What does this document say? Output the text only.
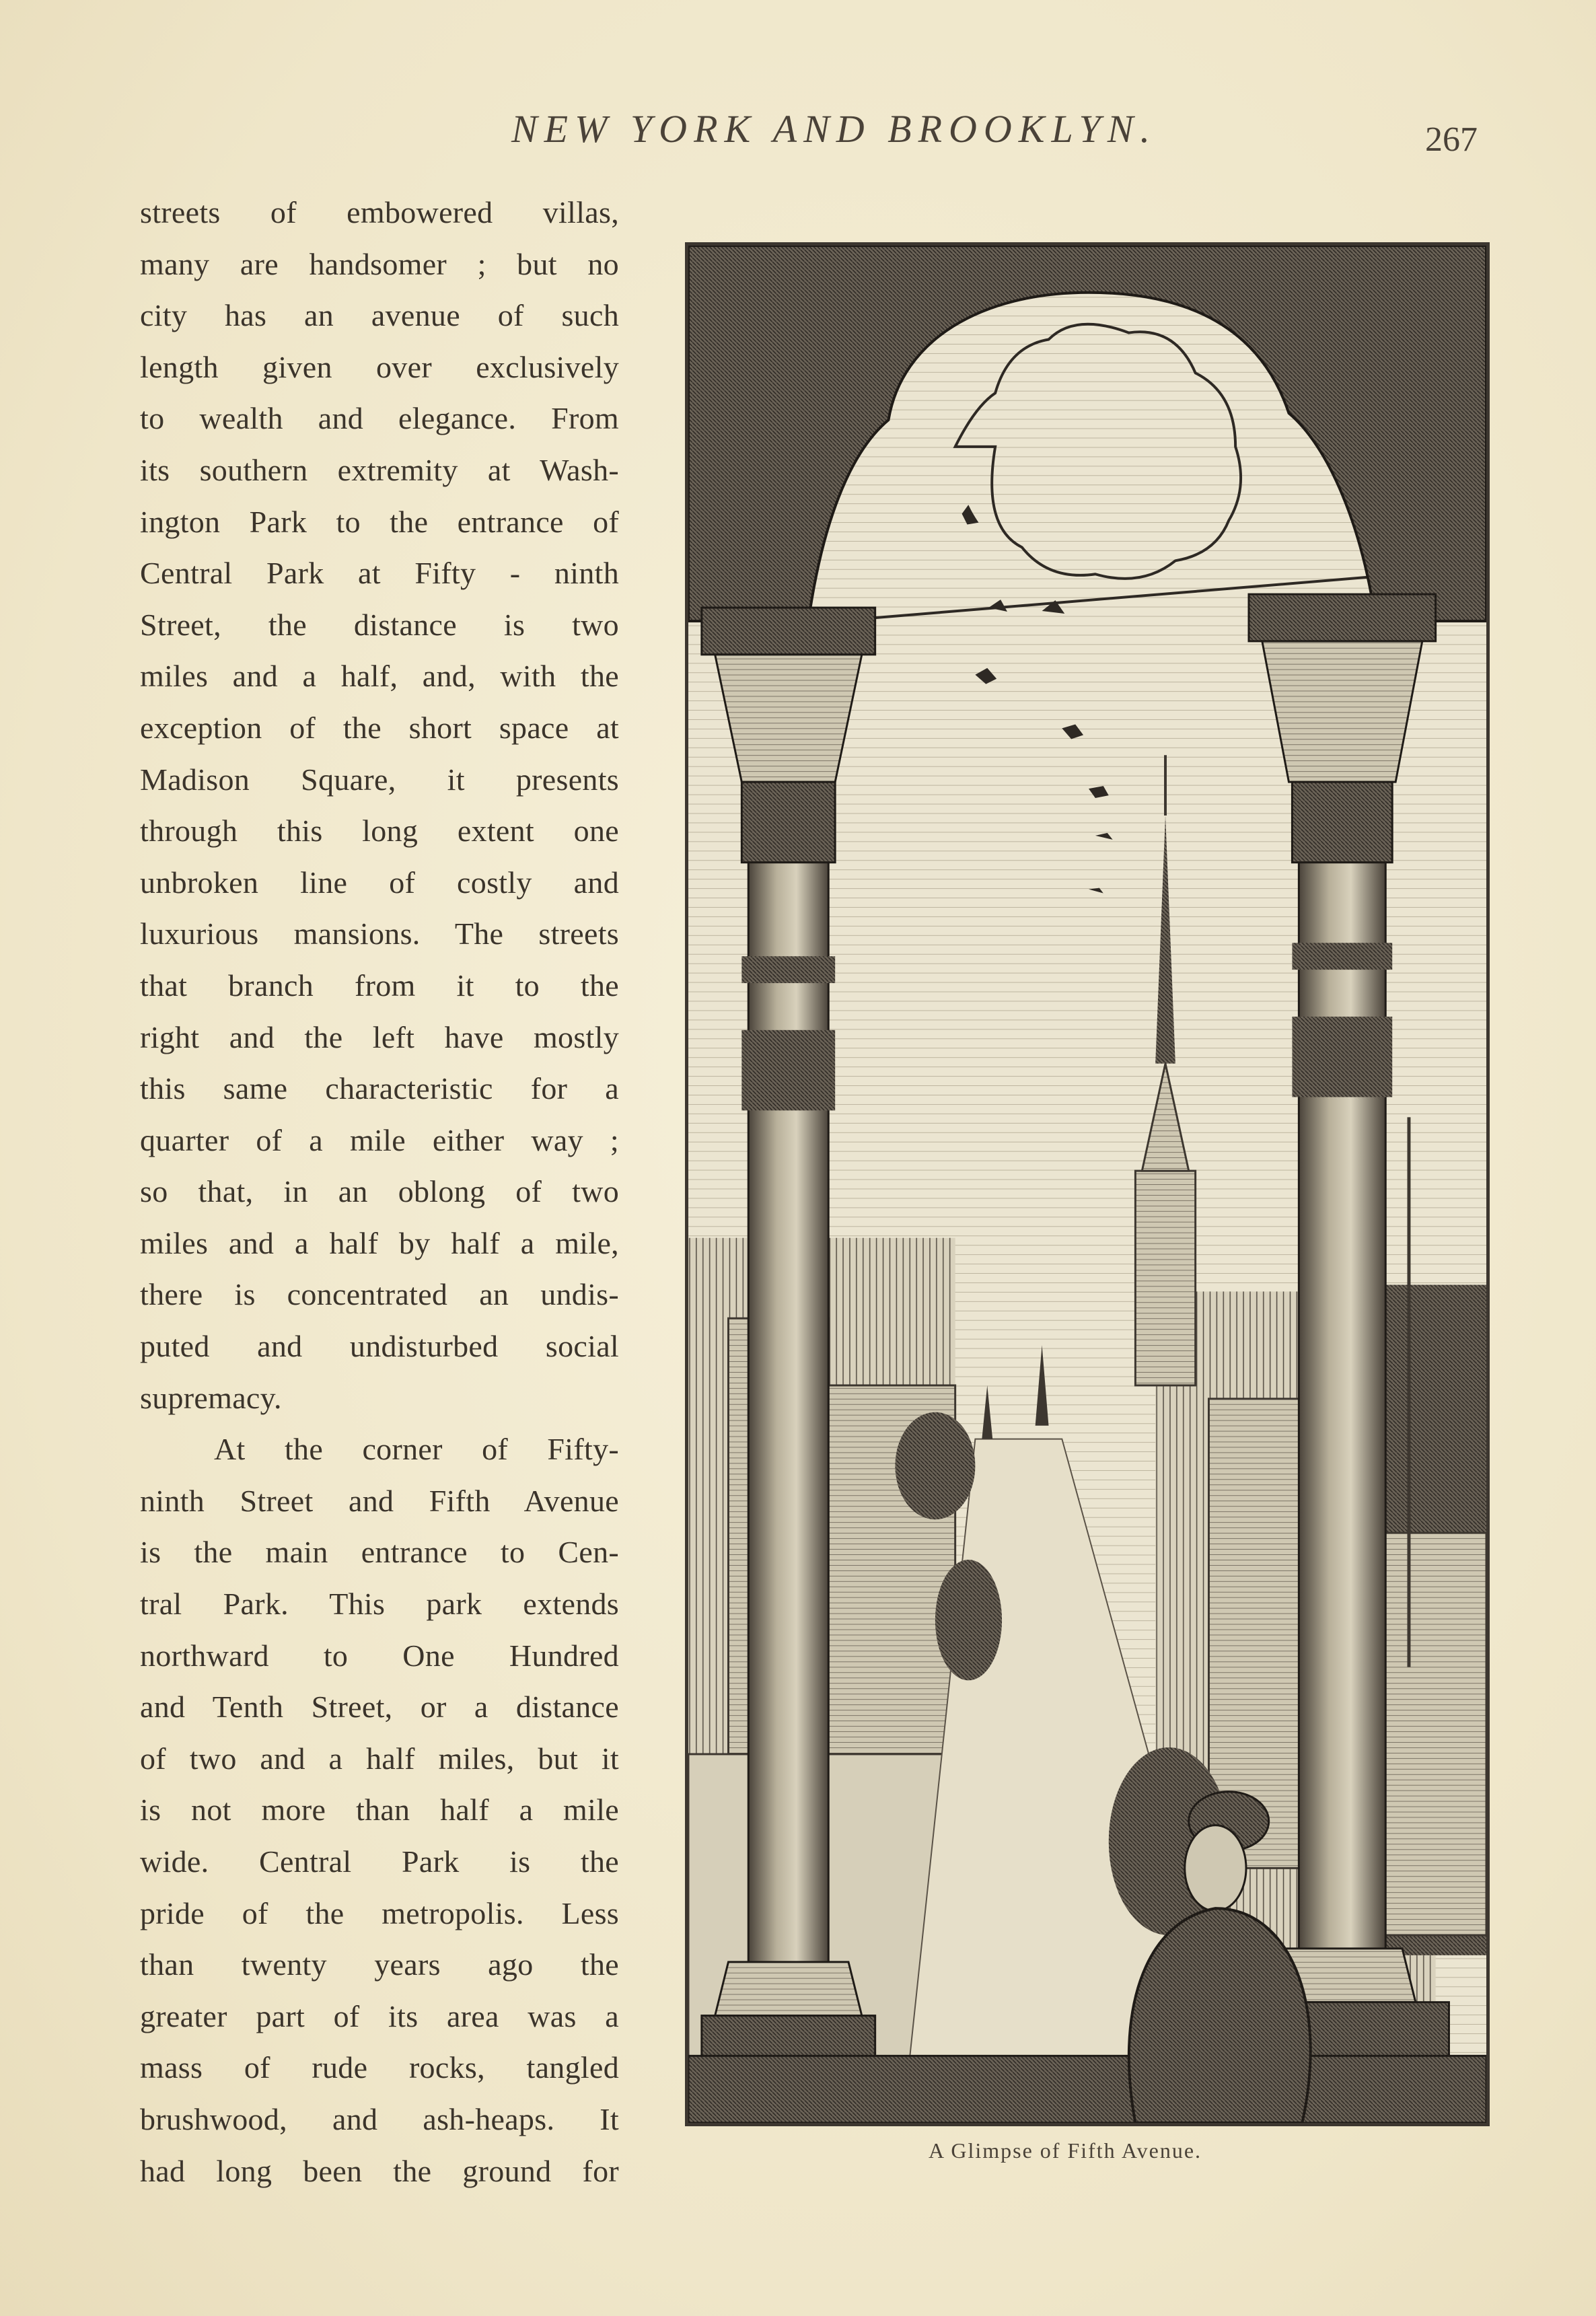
NEW YORK AND BROOKLYN.	267
streets of embowered villas,
many are handsomer ; but no
city has an avenue of such
length given over exclusively
to wealth and elegance. From
its southern extremity at Wash-
ington Park to the entrance of
Central Park at Fifty - ninth
Street, the distance is two
miles and a half, and, with the
exception of the short space at
Madison Square, it presents
through this long extent one
unbroken line of costly and
luxurious mansions. The streets
that branch from it to the
right and the left have mostly
this same characteristic for a
quarter of a mile either way ;
so that, in an oblong of two
miles and a half by half a mile,
there is concentrated an undis-
puted and undisturbed social
supremacy.
At the corner of Fifty-
ninth Street and Fifth Avenue
is the main entrance to Cen-
tral Park. This park extends
northward to One Hundred
and Tenth Street, or a distance
of two and a half miles, but it
is not more than half a mile
wide. Central Park is the
pride of the metropolis. Less
than twenty years ago the
greater part of its area was a
mass of rude rocks, tangled
brushwood, and ash-heaps. It
had long been the ground for
A Glimpse of Fifth Avenue.
